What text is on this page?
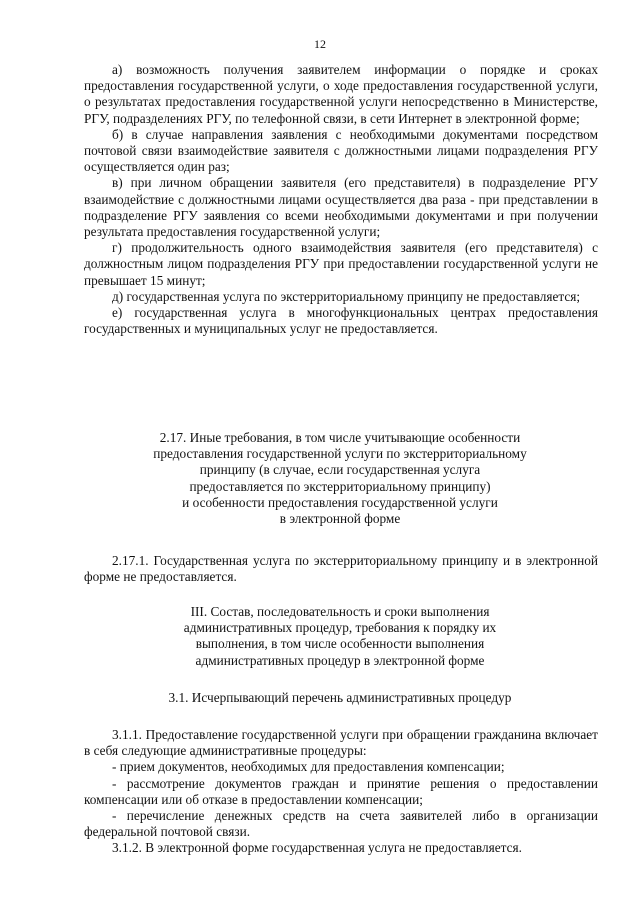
12

а) возможность получения заявителем информации о порядке и сроках предоставления государственной услуги, о ходе предоставления государственной услуги, о результатах предоставления государственной услуги непосредственно в Министерстве, РГУ, подразделениях РГУ, по телефонной связи, в сети Интернет в электронной форме;

б) в случае направления заявления с необходимыми документами посредством почтовой связи взаимодействие заявителя с должностными лицами подразделения РГУ осуществляется один раз;

в) при личном обращении заявителя (его представителя) в подразделение РГУ взаимодействие с должностными лицами осуществляется два раза - при представлении в подразделение РГУ заявления со всеми необходимыми документами и при получении результата предоставления государственной услуги;

г) продолжительность одного взаимодействия заявителя (его представителя) с должностным лицом подразделения РГУ при предоставлении государственной услуги не превышает 15 минут;

д) государственная услуга по экстерриториальному принципу не предоставляется;

е) государственная услуга в многофункциональных центрах предоставления государственных и муниципальных услуг не предоставляется.

2.17. Иные требования, в том числе учитывающие особенности
предоставления государственной услуги по экстерриториальному
принципу (в случае, если государственная услуга
предоставляется по экстерриториальному принципу)
и особенности предоставления государственной услуги
в электронной форме

2.17.1. Государственная услуга по экстерриториальному принципу и в электронной форме не предоставляется.

III. Состав, последовательность и сроки выполнения
административных процедур, требования к порядку их
выполнения, в том числе особенности выполнения
административных процедур в электронной форме
3.1. Исчерпывающий перечень административных процедур

3.1.1. Предоставление государственной услуги при обращении гражданина включает в себя следующие административные процедуры:

- прием документов, необходимых для предоставления компенсации;

- рассмотрение документов граждан и принятие решения о предоставлении компенсации или об отказе в предоставлении компенсации;

- перечисление денежных средств на счета заявителей либо в организации федеральной почтовой связи.

3.1.2. В электронной форме государственная услуга не предоставляется.
